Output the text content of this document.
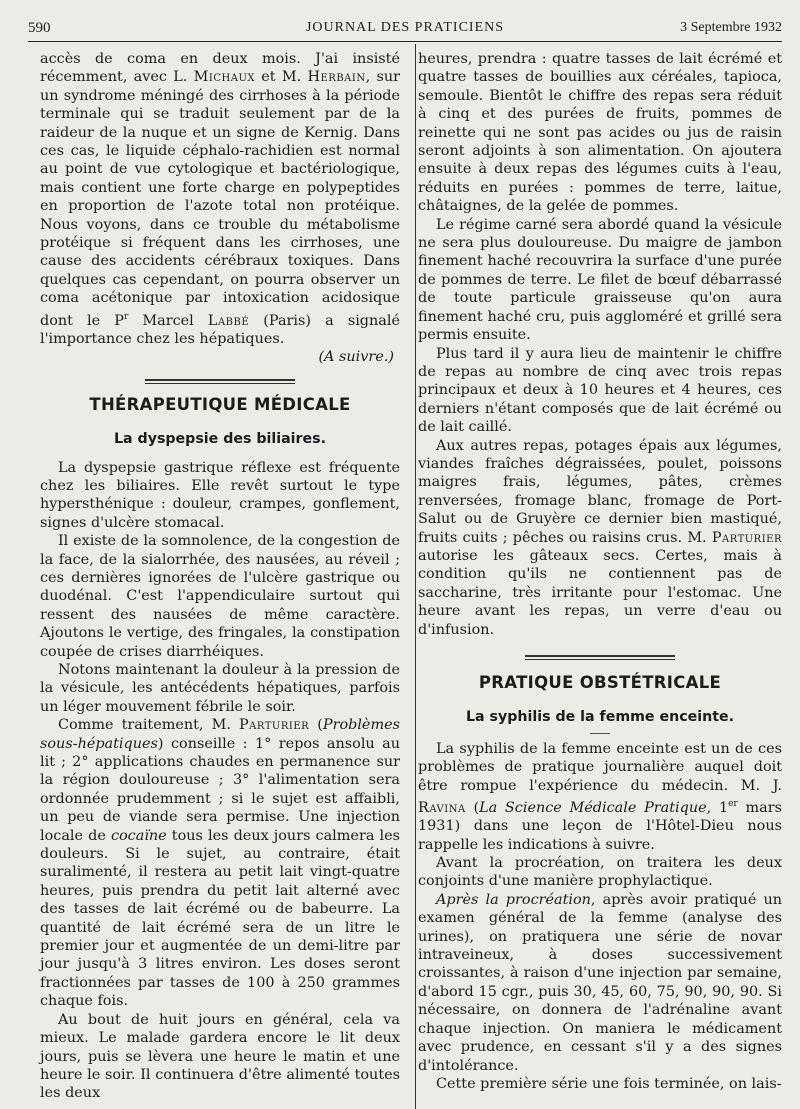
590	JOURNAL DES PRATICIENS	3 Septembre 1932

accès de coma en deux mois. J'ai insisté récemment, avec L. Michaux et M. Herbain, sur un syndrome méningé des cirrhoses à la période terminale qui se traduit seulement par de la raideur de la nuque et un signe de Kernig. Dans ces cas, le liquide céphalo-rachidien est normal au point de vue cytologique et bactériologique, mais contient une forte charge en polypeptides en proportion de l'azote total non protéique. Nous voyons, dans ce trouble du métabolisme protéique si fréquent dans les cirrhoses, une cause des accidents cérébraux toxiques. Dans quelques cas cependant, on pourra observer un coma acétonique par intoxication acidosique dont le $P^r$ Marcel Labbé (Paris) a signalé l'importance chez les hépatiques.

(A suivre.)

THÉRAPEUTIQUE MÉDICALE
La dyspepsie des biliaires.

La dyspepsie gastrique réflexe est fréquente chez les biliaires. Elle revêt surtout le type hypersthénique : douleur, crampes, gonflement, signes d'ulcère stomacal.

Il existe de la somnolence, de la congestion de la face, de la sialorrhée, des nausées, au réveil ; ces dernières ignorées de l'ulcère gastrique ou duodénal. C'est l'appendiculaire surtout qui ressent des nausées de même caractère. Ajoutons le vertige, des fringales, la constipation coupée de crises diarrhéiques.

Notons maintenant la douleur à la pression de la vésicule, les antécédents hépatiques, parfois un léger mouvement fébrile le soir.

Comme traitement, M. Parturier (Problèmes sous-hépatiques) conseille : 1° repos ansolu au lit ; 2° applications chaudes en permanence sur la région douloureuse ; 3° l'alimentation sera ordonnée prudemment ; si le sujet est affaibli, un peu de viande sera permise. Une injection locale de cocaïne tous les deux jours calmera les douleurs. Si le sujet, au contraire, était suralimenté, il restera au petit lait vingt-quatre heures, puis prendra du petit lait alterné avec des tasses de lait écrémé ou de babeurre. La quantité de lait écrémé sera de un litre le premier jour et augmentée de un demi-litre par jour jusqu'à 3 litres environ. Les doses seront fractionnées par tasses de 100 à 250 grammes chaque fois.

Au bout de huit jours en général, cela va mieux. Le malade gardera encore le lit deux jours, puis se lèvera une heure le matin et une heure le soir. Il continuera d'être alimenté toutes les deux

heures, prendra : quatre tasses de lait écrémé et quatre tasses de bouillies aux céréales, tapioca, semoule. Bientôt le chiffre des repas sera réduit à cinq et des purées de fruits, pommes de reinette qui ne sont pas acides ou jus de raisin seront adjoints à son alimentation. On ajoutera ensuite à deux repas des légumes cuits à l'eau, réduits en purées : pommes de terre, laitue, châtaignes, de la gelée de pommes.

Le régime carné sera abordé quand la vésicule ne sera plus douloureuse. Du maigre de jambon finement haché recouvrira la surface d'une purée de pommes de terre. Le filet de bœuf débarrassé de toute particule graisseuse qu'on aura finement haché cru, puis aggloméré et grillé sera permis ensuite.

Plus tard il y aura lieu de maintenir le chiffre de repas au nombre de cinq avec trois repas principaux et deux à 10 heures et 4 heures, ces derniers n'étant composés que de lait écrémé ou de lait caillé.

Aux autres repas, potages épais aux légumes, viandes fraîches dégraissées, poulet, poissons maigres frais, légumes, pâtes, crèmes renversées, fromage blanc, fromage de Port-Salut ou de Gruyère ce dernier bien mastiqué, fruits cuits ; pêches ou raisins crus. M. Parturier autorise les gâteaux secs. Certes, mais à condition qu'ils ne contiennent pas de saccharine, très irritante pour l'estomac. Une heure avant les repas, un verre d'eau ou d'infusion.

PRATIQUE OBSTÉTRICALE
La syphilis de la femme enceinte.

La syphilis de la femme enceinte est un de ces problèmes de pratique journalière auquel doit être rompue l'expérience du médecin. M. J. Ravina (La Science Médicale Pratique, 1er mars 1931) dans une leçon de l'Hôtel-Dieu nous rappelle les indications à suivre.

Avant la procréation, on traitera les deux conjoints d'une manière prophylactique.

Après la procréation, après avoir pratiqué un examen général de la femme (analyse des urines), on pratiquera une série de novar intraveineux, à doses successivement croissantes, à raison d'une injection par semaine, d'abord 15 cgr., puis 30, 45, 60, 75, 90, 90, 90. Si nécessaire, on donnera de l'adrénaline avant chaque injection. On maniera le médicament avec prudence, en cessant s'il y a des signes d'intolérance.

Cette première série une fois terminée, on lais-
